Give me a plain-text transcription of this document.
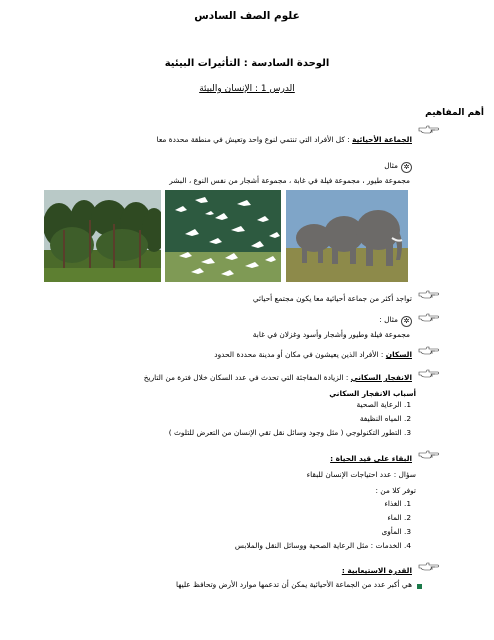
علوم الصف السادس
الوحدة السادسة : التأثيرات البيئية
الدرس 1 : الإنسان والبيئة
أهم المفاهيم
الجماعة الأحيائية : كل الأفراد التي تنتمي لنوع واحد وتعيش في منطقة محددة معا
✲
مثال
مجموعة طيور ، مجموعة فيلة في غابة ، مجموعة أشجار من نفس النوع ، البشر
تواجد أكثر من جماعة أحيائية معا يكون مجتمع أحيائي
✲
مثال :
مجموعة فيلة وطيور وأشجار وأسود وغزلان في غابة
السكان : الأفراد الذين يعيشون في مكان أو مدينة محددة الحدود
الانفجار السكاني : الزيادة المفاجئة التي تحدث في عدد السكان خلال فترة من التاريخ
أسباب الانفجار السكاني
1. الرعاية الصحية
2. المياه النظيفة
3. التطور التكنولوجي ( مثل وجود وسائل نقل تقي الإنسان من التعرض للتلوث )
البقاء على قيد الحياة :
سؤال : عدد احتياجات الإنسان للبقاء
توفر كلا من :
1. الغذاء
2. الماء
3. المأوى
4. الخدمات : مثل الرعاية الصحية ووسائل النقل والملابس
القدرة الاستيعابية :
هي أكبر عدد من الجماعة الأحيائية يمكن أن تدعمها موارد الأرض وتحافظ عليها
